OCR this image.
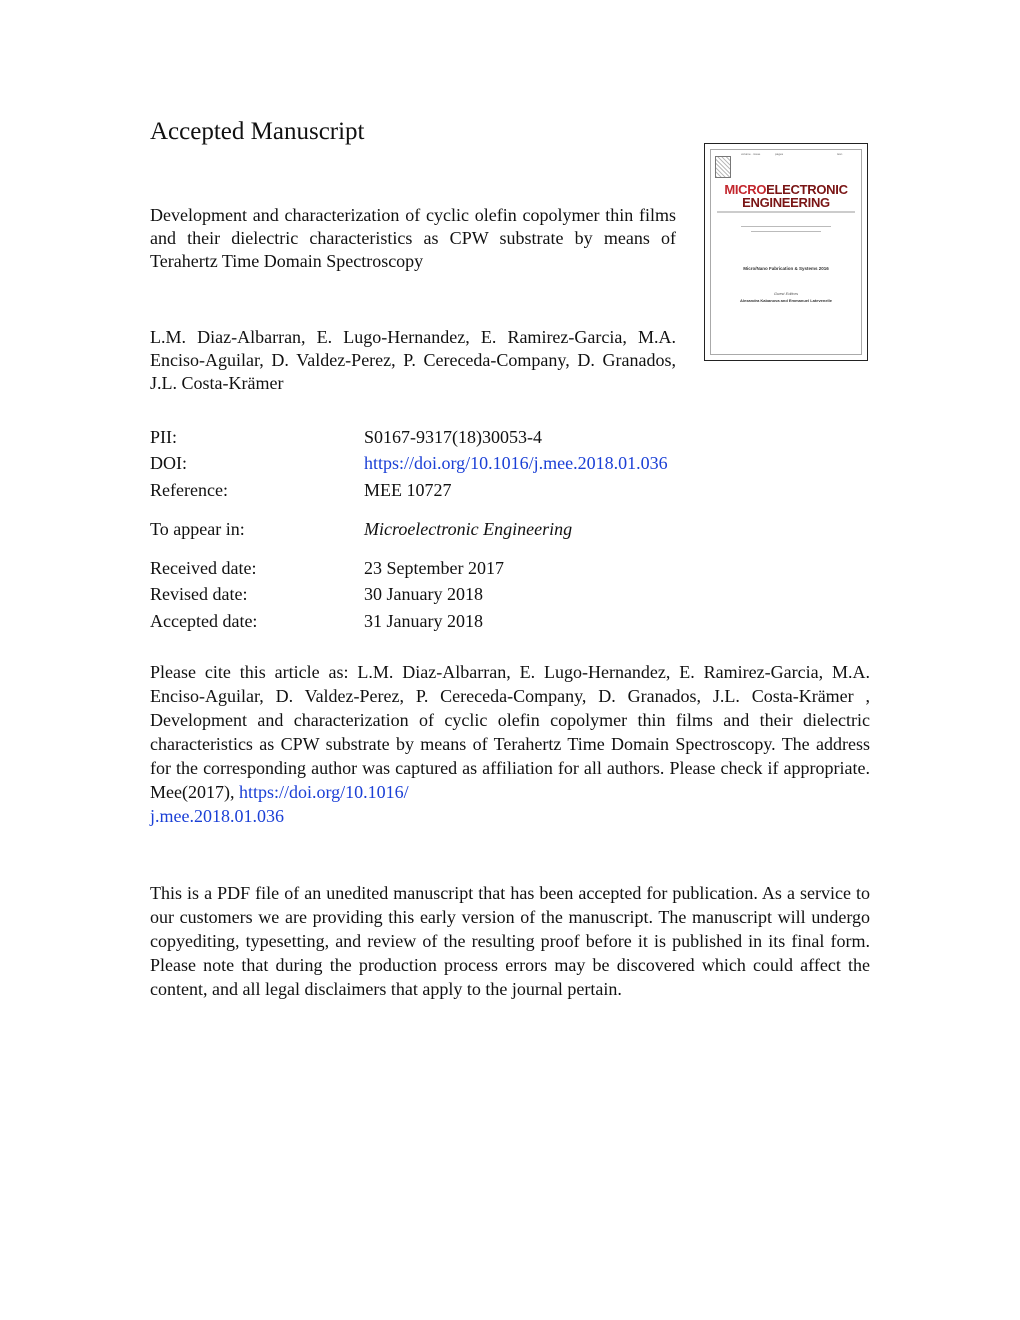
Accepted Manuscript

Development and characterization of cyclic olefin copolymer thin films and their dielectric characteristics as CPW substrate by means of Terahertz Time Domain Spectroscopy

L.M. Diaz-Albarran, E. Lugo-Hernandez, E. Ramirez-Garcia, M.A. Enciso-Aguilar, D. Valdez-Perez, P. Cereceda-Company, D. Granados, J.L. Costa-Krämer

volume · issue	pages	issn
MICROELECTRONIC
ENGINEERING
Micro/Nano Fabrication & Systems 2016
Guest Editors
Alexandra Kabanova and Emmanuel Latevenelle
PII:	S0167-9317(18)30053-4
DOI:	https://doi.org/10.1016/j.mee.2018.01.036
Reference:	MEE 10727
To appear in:	Microelectronic Engineering
Received date:	23 September 2017
Revised date:	30 January 2018
Accepted date:	31 January 2018

Please cite this article as: L.M. Diaz-Albarran, E. Lugo-Hernandez, E. Ramirez-Garcia, M.A. Enciso-Aguilar, D. Valdez-Perez, P. Cereceda-Company, D. Granados, J.L. Costa-Krämer , Development and characterization of cyclic olefin copolymer thin films and their dielectric characteristics as CPW substrate by means of Terahertz Time Domain Spectroscopy. The address for the corresponding author was captured as affiliation for all authors. Please check if appropriate. Mee(2017), https://doi.org/10.1016/
j.mee.2018.01.036

This is a PDF file of an unedited manuscript that has been accepted for publication. As a service to our customers we are providing this early version of the manuscript. The manuscript will undergo copyediting, typesetting, and review of the resulting proof before it is published in its final form. Please note that during the production process errors may be discovered which could affect the content, and all legal disclaimers that apply to the journal pertain.
